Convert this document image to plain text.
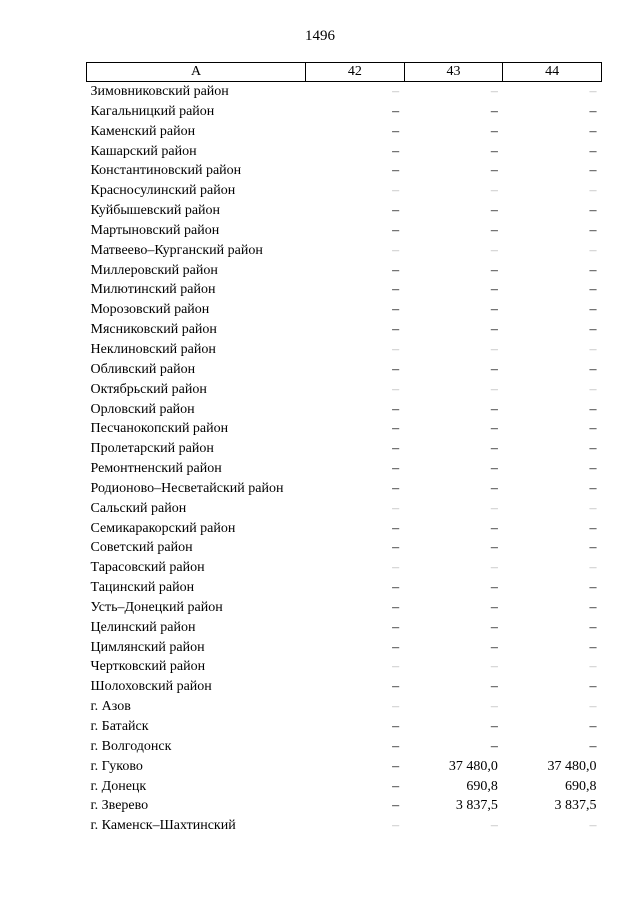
1496
А	42	43	44
Зимовниковский район	–	–	–
Кагальницкий район	–	–	–
Каменский район	–	–	–
Кашарский район	–	–	–
Константиновский район	–	–	–
Красносулинский район	–	–	–
Куйбышевский район	–	–	–
Мартыновский район	–	–	–
Матвеево–Курганский район	–	–	–
Миллеровский район	–	–	–
Милютинский район	–	–	–
Морозовский район	–	–	–
Мясниковский район	–	–	–
Неклиновский район	–	–	–
Обливский район	–	–	–
Октябрьский район	–	–	–
Орловский район	–	–	–
Песчанокопский район	–	–	–
Пролетарский район	–	–	–
Ремонтненский район	–	–	–
Родионово–Несветайский район	–	–	–
Сальский район	–	–	–
Семикаракорский район	–	–	–
Советский район	–	–	–
Тарасовский район	–	–	–
Тацинский район	–	–	–
Усть–Донецкий район	–	–	–
Целинский район	–	–	–
Цимлянский район	–	–	–
Чертковский район	–	–	–
Шолоховский район	–	–	–
г. Азов	–	–	–
г. Батайск	–	–	–
г. Волгодонск	–	–	–
г. Гуково	–	37 480,0	37 480,0
г. Донецк	–	690,8	690,8
г. Зверево	–	3 837,5	3 837,5
г. Каменск–Шахтинский	–	–	–
